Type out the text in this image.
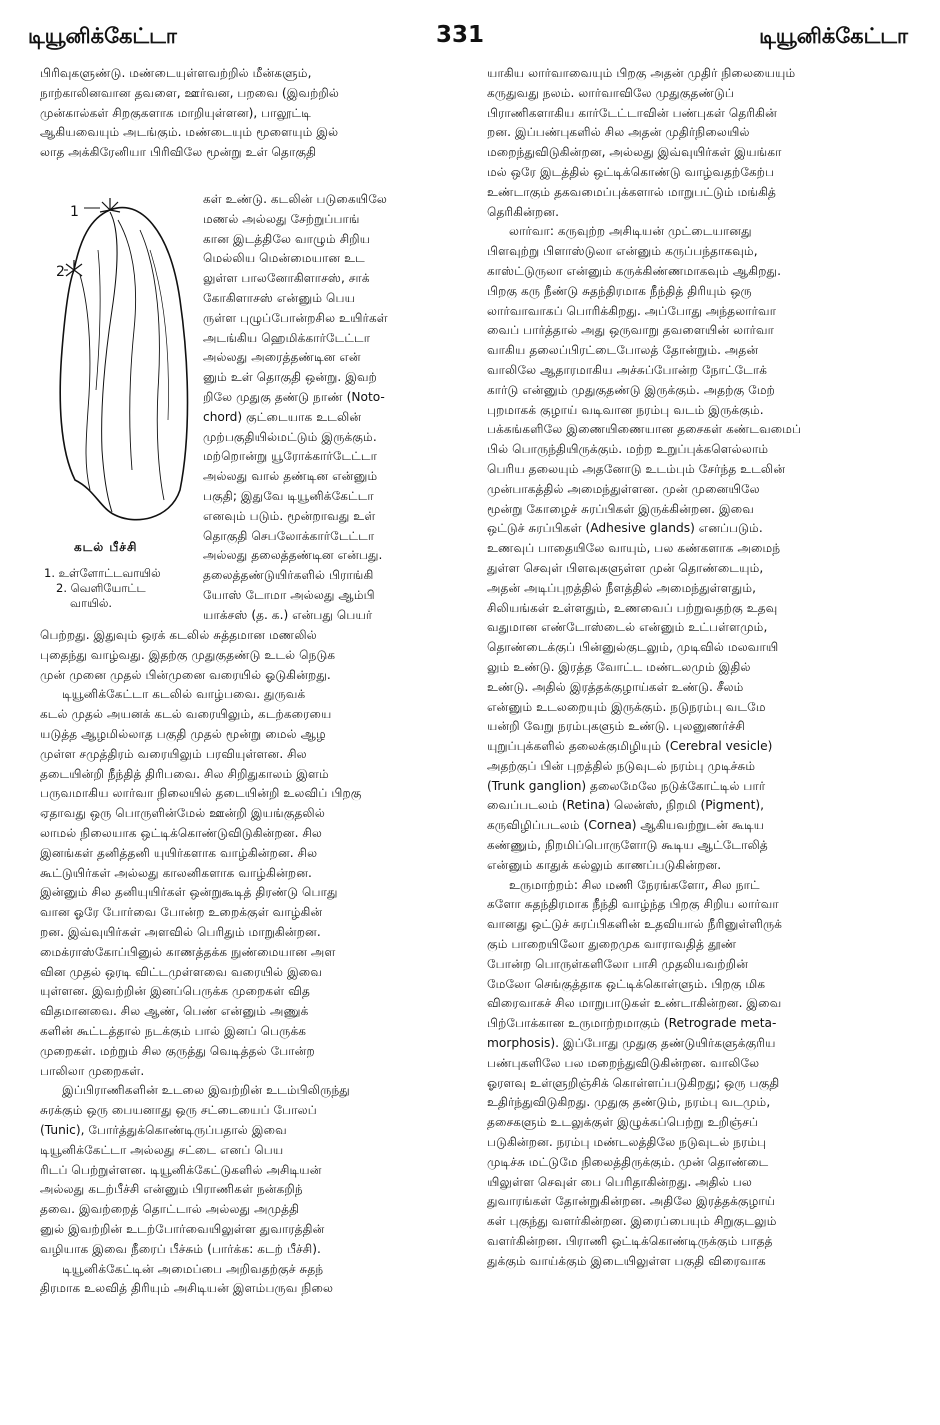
டியூனிக்கேட்டா	331	டியூனிக்கேட்டா
பிரிவுகளுண்டு. மண்டையுள்ளவற்றில் மீன்களும்,
நாற்காலினவான தவளை, ஊர்வன, பறவை (இவற்றில்
முன்கால்கள் சிறகுகளாக மாறியுள்ளன), பாலூட்டி
ஆகியவையும் அடங்கும். மண்டையும் மூளையும் இல்
லாத அக்கிரேனியா பிரிவிலே மூன்று உள் தொகுதி
1
2
கடல் பீச்சி
1. உள்ளோட்டவாயில்
2. வெளியோட்ட
வாயில்.
கள் உண்டு. கடலின் படுகையிலே
மணல் அல்லது சேற்றுப்பாங்
கான இடத்திலே வாழும் சிறிய
மெல்லிய மென்மையான உட
லுள்ள பாலனோகிளாசஸ், சாக்
கோகிளாசஸ் என்னும் பெய
ருள்ள புழுப்போன்றசில உயிர்கள்
அடங்கிய ஹெமிக்கார்டேட்டா
அல்லது அரைத்தண்டின என்
னும் உள் தொகுதி ஒன்று. இவற்
றிலே முதுகு தண்டு நாண் (Noto-
chord) குட்டையாக உடலின்
முற்பகுதியில்மட்டும் இருக்கும்.
மற்றொன்று யூரோக்கார்டேட்டா
அல்லது வால் தண்டின என்னும்
பகுதி; இதுவே டியூனிக்கேட்டா
எனவும் படும். மூன்றாவது உள்
தொகுதி செபலோக்கார்டேட்டா
அல்லது தலைத்தண்டின என்பது.
தலைத்தண்டுயிர்களில் பிராங்கி
யோஸ் டோமா அல்லது ஆம்பி
யாக்சஸ் (த. க.) என்பது பெயர்
பெற்றது. இதுவும் ஒரக் கடலில் சுத்தமான மணலில்
புதைந்து வாழ்வது. இதற்கு முதுகுதண்டு உடல் நெடுக
முன் முனை முதல் பின்முனை வரையில் ஓடுகின்றது.
டியூனிக்கேட்டா கடலில் வாழ்பவை. துருவக்
கடல் முதல் அயனக் கடல் வரையிலும், கடற்கரையை
யடுத்த ஆழமில்லாத பகுதி முதல் மூன்று மைல் ஆழ
முள்ள சமுத்திரம் வரையிலும் பரவியுள்ளன. சில
தடையின்றி நீந்தித் திரிபவை. சில சிறிதுகாலம் இளம்
பருவமாகிய லார்வா நிலையில் தடையின்றி உலவிப் பிறகு
ஏதாவது ஒரு பொருளின்மேல் ஊன்றி இயங்குதலில்
லாமல் நிலையாக ஒட்டிக்கொண்டுவிடுகின்றன. சில
இனங்கள் தனித்தனி யுயிர்களாக வாழ்கின்றன. சில
கூட்டுயிர்கள் அல்லது காலனிகளாக வாழ்கின்றன.
இன்னும் சில தனியுயிர்கள் ஒன்றுகூடித் திரண்டு பொது
வான ஓரே போர்வை போன்ற உறைக்குள் வாழ்கின்
றன. இவ்வுயிர்கள் அளவில் பெரிதும் மாறுகின்றன.
மைக்ராஸ்கோப்பினுல் காணத்தக்க நுண்மையான அள
வின முதல் ஒரடி விட்டமுள்ளவை வரையில் இவை
யுள்ளன. இவற்றின் இனப்பெருக்க முறைகள் வித
விதமானவை. சில ஆண், பெண் என்னும் அணுக்
களின் கூட்டத்தால் நடக்கும் பால் இனப் பெருக்க
முறைகள். மற்றும் சில குருத்து வெடித்தல் போன்ற
பாலிலா முறைகள்.
இப்பிராணிகளின் உடலை இவற்றின் உடம்பிலிருந்து
சுரக்கும் ஒரு பையனாது ஒரு சட்டையைப் போலப்
(Tunic), போர்த்துக்கொண்டிருப்பதால் இவை
டியூனிக்கேட்டா அல்லது சட்டை எனப் பெய
ரிடப் பெற்றுள்ளன. டியூனிக்கேட்டுகளில் அசிடியன்
அல்லது கடற்பீச்சி என்னும் பிராணிகள் நன்கறிந்
தவை. இவற்றைத் தொட்டால் அல்லது அமுத்தி
னுல் இவற்றின் உடற்போர்வையிலுள்ள துவாரத்தின்
வழியாக இவை நீரைப் பீச்சும் (பார்க்க: கடற் பீச்சி).
டியூனிக்கேட்டின் அமைப்பை அறிவதற்குச் சுதந்
திரமாக உலவித் திரியும் அசிடியன் இளம்பருவ நிலை
யாகிய லார்வாவையும் பிறகு அதன் முதிர் நிலையையும்
கருதுவது நலம். லார்வாவிலே முதுகுதண்டுப்
பிராணிகளாகிய கார்டேட்டாவின் பண்புகள் தெரிகின்
றன. இப்பண்புகளில் சில அதன் முதிர்நிலையில்
மறைந்துவிடுகின்றன, அல்லது இவ்வுயிர்கள் இயங்கா
மல் ஒரே இடத்தில் ஒட்டிக்கொண்டு வாழ்வதற்கேற்ப
உண்டாகும் தகவமைப்புக்களால் மாறுபட்டும் மங்கித்
தெரிகின்றன.
லார்வா: கருவுற்ற அசிடியன் முட்டையானது
பிளவுற்று பிளாஸ்டுலா என்னும் கருப்பந்தாகவும்,
காஸ்ட்டுருலா என்னும் கருக்கிண்ணமாகவும் ஆகிறது.
பிறகு கரு நீண்டு சுதந்திரமாக நீந்தித் திரியும் ஒரு
லார்வாவாகப் பொரிக்கிறது. அப்போது அந்தலார்வா
வைப் பார்த்தால் அது ஒருவாறு தவளையின் லார்வா
வாகிய தலைப்பிரட்டைபோலத் தோன்றும். அதன்
வாலிலே ஆதாரமாகிய அச்சுப்போன்ற நோட்டோக்
கார்டு என்னும் முதுகுதண்டு இருக்கும். அதற்கு மேற்
புறமாகக் குழாய் வடிவான நரம்பு வடம் இருக்கும்.
பக்கங்களிலே இணையிணையான தசைகள் கண்டவமைப்
பில் பொருந்தியிருக்கும். மற்ற உறுப்புக்களெல்லாம்
பெரிய தலையும் அதனோடு உடம்பும் சேர்ந்த உடலின்
முன்பாகத்தில் அமைந்துள்ளன. முன் முனையிலே
மூன்று கோழைச் சுரப்பிகள் இருக்கின்றன. இவை
ஒட்டுச் சுரப்பிகள் (Adhesive glands) எனப்படும்.
உணவுப் பாதையிலே வாயும், பல கண்களாக அமைந்
துள்ள செவுள் பிளவுகளுள்ள முன் தொண்டையும்,
அதன் அடிப்புறத்தில் நீளத்தில் அமைந்துள்ளதும்,
சிலியங்கள் உள்ளதும், உணவைப் பற்றுவதற்கு உதவு
வதுமான எண்டோஸ்டைல் என்னும் உட்பள்ளமும்,
தொண்டைக்குப் பின்னுல்குடலும், முடிவில் மலவாயி
லும் உண்டு. இரத்த வோட்ட மண்டலமும் இதில்
உண்டு. அதில் இரத்தக்குழாய்கள் உண்டு. சீலம்
என்னும் உடலறையும் இருக்கும். நடுநரம்பு வடமே
யன்றி வேறு நரம்புகளும் உண்டு. புலனுணர்ச்சி
யுறுப்புக்களில் தலைக்குமிழியும் (Cerebral vesicle)
அதற்குப் பின் புறத்தில் நடுவுடல் நரம்பு முடிச்சும்
(Trunk ganglion) தலைமேலே நடுக்கோட்டில் பார்
வைப்படலம் (Retina) லென்ஸ், நிறமி (Pigment),
கருவிழிப்படலம் (Cornea) ஆகியவற்றுடன் கூடிய
கண்ணும், நிறமிப்பொருளோடு கூடிய ஆட்டோலித்
என்னும் காதுக் கல்லும் காணப்படுகின்றன.
உருமாற்றம்: சில மணி நேரங்களோ, சில நாட்
களோ சுதந்திரமாக நீந்தி வாழ்ந்த பிறகு சிறிய லார்வா
வானது ஒட்டுச் சுரப்பிகளின் உதவியால் நீரினுள்ளிருக்
கும் பாறையிலோ துறைமுக வாராவதித் தூண்
போன்ற பொருள்களிலோ பாசி முதலியவற்றின்
மேலோ செங்குத்தாக ஒட்டிக்கொள்ளும். பிறகு மிக
விரைவாகச் சில மாறுபாடுகள் உண்டாகின்றன. இவை
பிற்போக்கான உருமாற்றமாகும் (Retrograde meta-
morphosis). இப்போது முதுகு தண்டுயிர்களுக்குரிய
பண்புகளிலே பல மறைந்துவிடுகின்றன. வாலிலே
ஓரளவு உள்ளுறிஞ்சிக் கொள்ளப்படுகிறது; ஒரு பகுதி
உதிர்ந்துவிடுகிறது. முதுகு தண்டும், நரம்பு வடமும்,
தசைகளும் உடலுக்குள் இழுக்கப்பெற்று உறிஞ்சப்
படுகின்றன. நரம்பு மண்டலத்திலே நடுவுடல் நரம்பு
முடிச்சு மட்டுமே நிலைத்திருக்கும். முன் தொண்டை
யிலுள்ள செவுள் பை பெரிதாகின்றது. அதில் பல
துவாரங்கள் தோன்றுகின்றன. அதிலே இரத்தக்குழாய்
கள் புகுந்து வளர்கின்றன. இரைப்பையும் சிறுகுடலும்
வளர்கின்றன. பிராணி ஒட்டிக்கொண்டிருக்கும் பாதத்
துக்கும் வாய்க்கும் இடையிலுள்ள பகுதி விரைவாக
